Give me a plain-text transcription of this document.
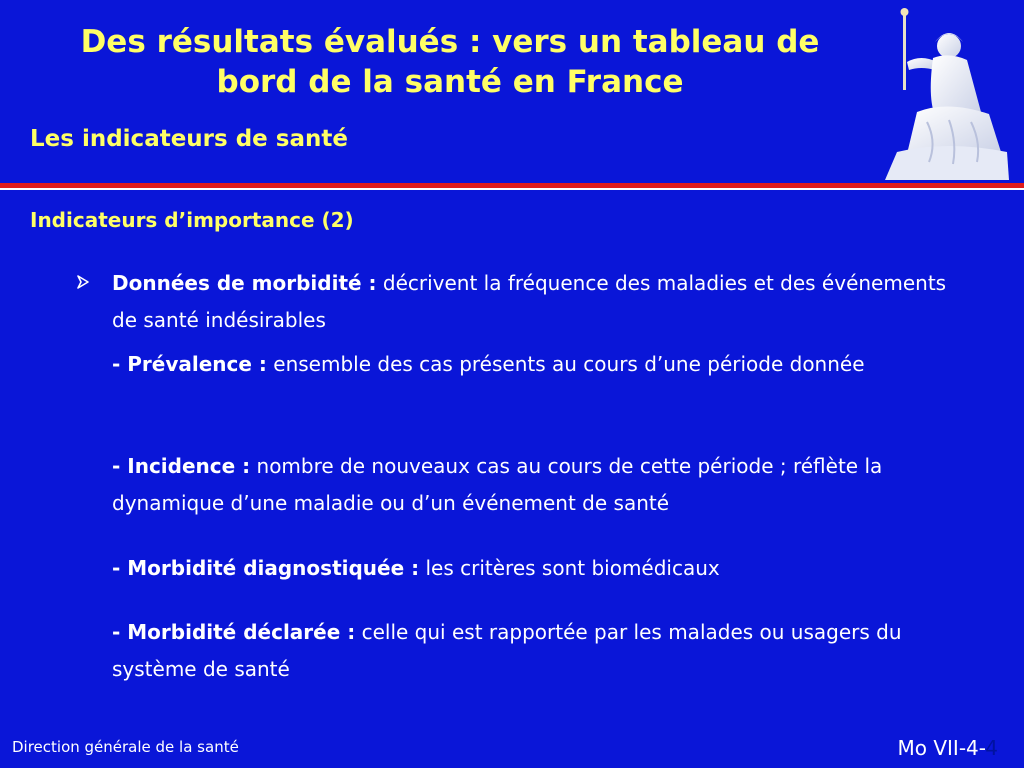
Des résultats évalués : vers un tableau de
bord de la santé en France
Les indicateurs de santé
Indicateurs d’importance (2)
Données de morbidité : décrivent la fréquence des maladies et des événements de santé indésirables
- Prévalence : ensemble des cas présents au cours d’une période donnée
- Incidence : nombre de nouveaux cas au cours de cette période ; réflète la dynamique d’une maladie ou d’un événement de santé
- Morbidité diagnostiquée : les critères sont biomédicaux
- Morbidité déclarée : celle qui est rapportée par les malades ou usagers du système de santé
Direction générale de la santé	Mo VII-4- 4
